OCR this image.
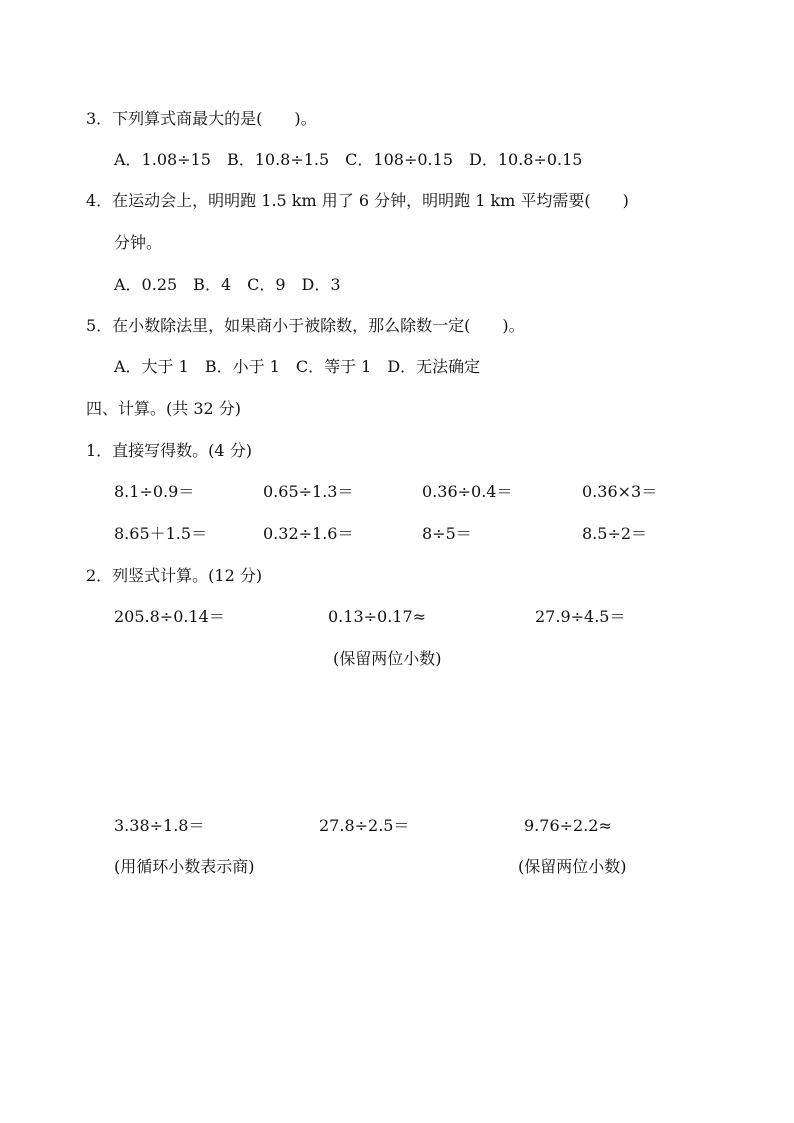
3．下列算式商最大的是(　　)。
A．1.08÷15　B．10.8÷1.5　C．108÷0.15　D．10.8÷0.15
4．在运动会上，明明跑 1.5 km 用了 6 分钟，明明跑 1 km 平均需要(　　)
分钟。
A．0.25　B．4　C．9　D．3
5．在小数除法里，如果商小于被除数，那么除数一定(　　)。
A．大于 1　B．小于 1　C．等于 1　D．无法确定
四、计算。(共 32 分)
1．直接写得数。(4 分)
8.1÷0.9＝	0.65÷1.3＝	0.36÷0.4＝	0.36×3＝
8.65＋1.5＝	0.32÷1.6＝	8÷5＝	8.5÷2＝
2．列竖式计算。(12 分)
205.8÷0.14＝	0.13÷0.17≈	27.9÷4.5＝
(保留两位小数)
3.38÷1.8＝	27.8÷2.5＝	9.76÷2.2≈
(用循环小数表示商)	(保留两位小数)
